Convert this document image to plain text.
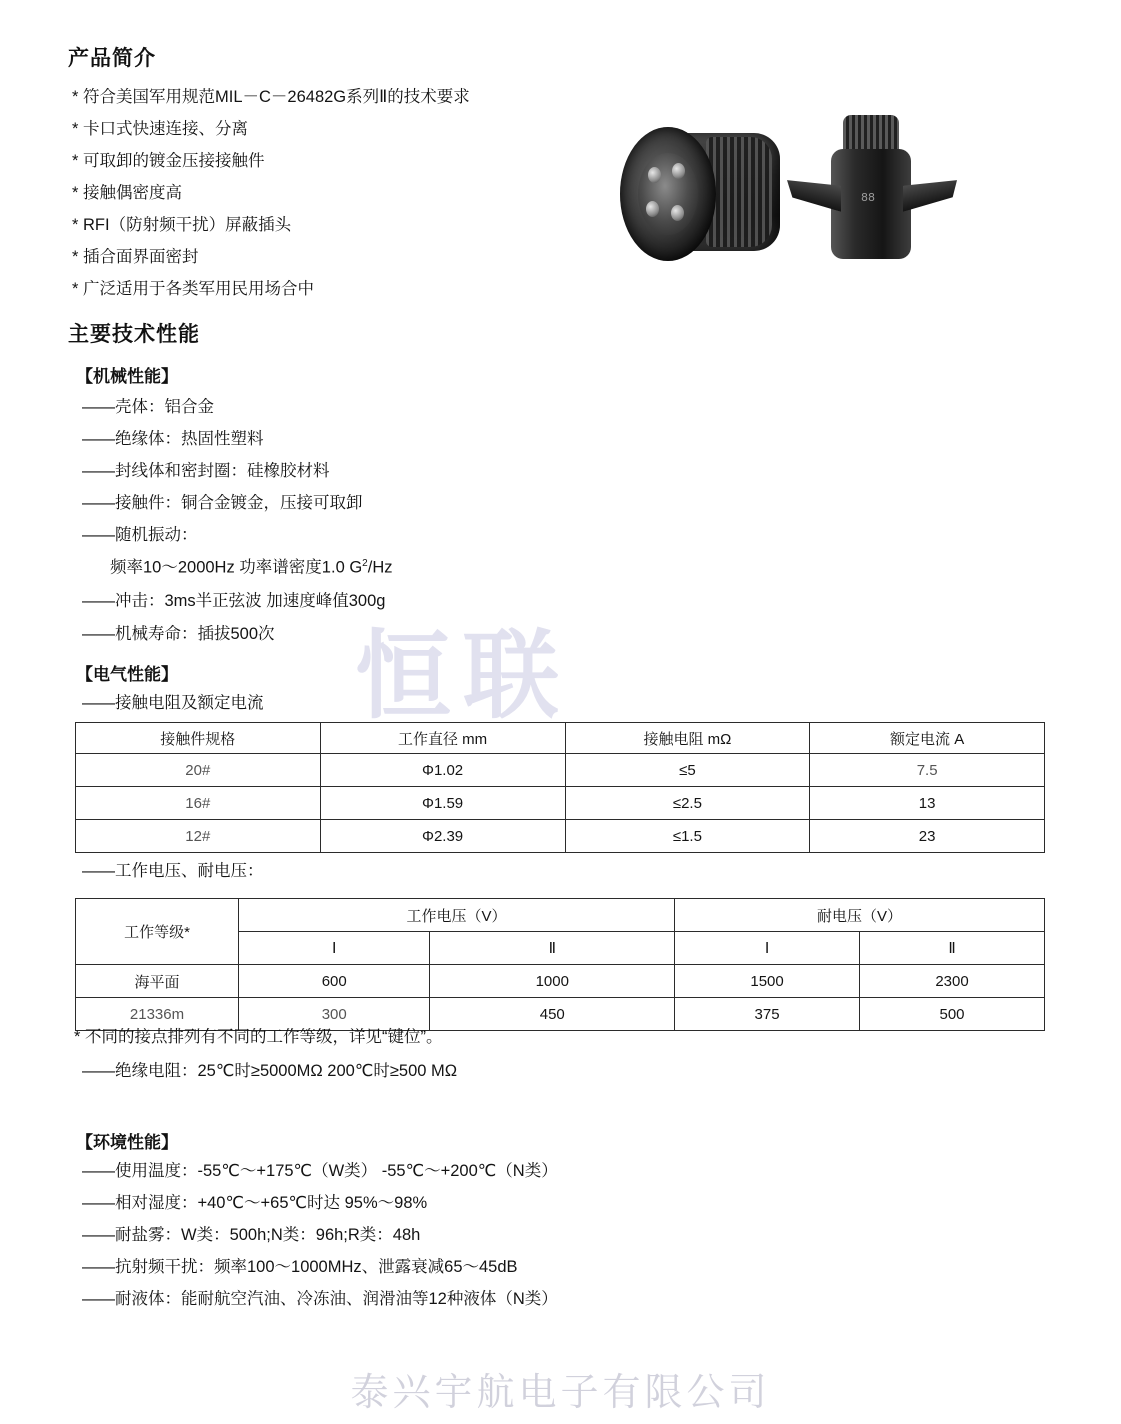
恒联
泰兴宇航电子有限公司
产品简介
* 符合美国军用规范MIL－C－26482G系列Ⅱ的技术要求
* 卡口式快速连接、分离
* 可取卸的镀金压接接触件
* 接触偶密度高
* RFI（防射频干扰）屏蔽插头
* 插合面界面密封
* 广泛适用于各类军用民用场合中
88
主要技术性能
【机械性能】
——壳体：铝合金
——绝缘体：热固性塑料
——封线体和密封圈：硅橡胶材料
——接触件：铜合金镀金，压接可取卸
——随机振动：
频率10～2000Hz 功率谱密度1.0 $G^2/Hz$
——冲击：3ms半正弦波 加速度峰值300g
——机械寿命：插拔500次
【电气性能】
——接触电阻及额定电流
接触件规格	工作直径 mm	接触电阻 mΩ	额定电流 A
20#	Φ1.02	≤5	7.5
16#	Φ1.59	≤2.5	13
12#	Φ2.39	≤1.5	23
——工作电压、耐电压：
工作等级*	工作电压（V）		耐电压（V）	
	Ⅰ	Ⅱ	Ⅰ	Ⅱ
海平面	600	1000	1500	2300
21336m	300	450	375	500
* 不同的接点排列有不同的工作等级，详见“键位”。
——绝缘电阻：25℃时≥5000MΩ 200℃时≥500 MΩ
【环境性能】
——使用温度：-55℃～+175℃（W类） -55℃～+200℃（N类）
——相对湿度：+40℃～+65℃时达 95%～98%
——耐盐雾：W类：500h;N类：96h;R类：48h
——抗射频干扰：频率100～1000MHz、泄露衰减65～45dB
——耐液体：能耐航空汽油、冷冻油、润滑油等12种液体（N类）
